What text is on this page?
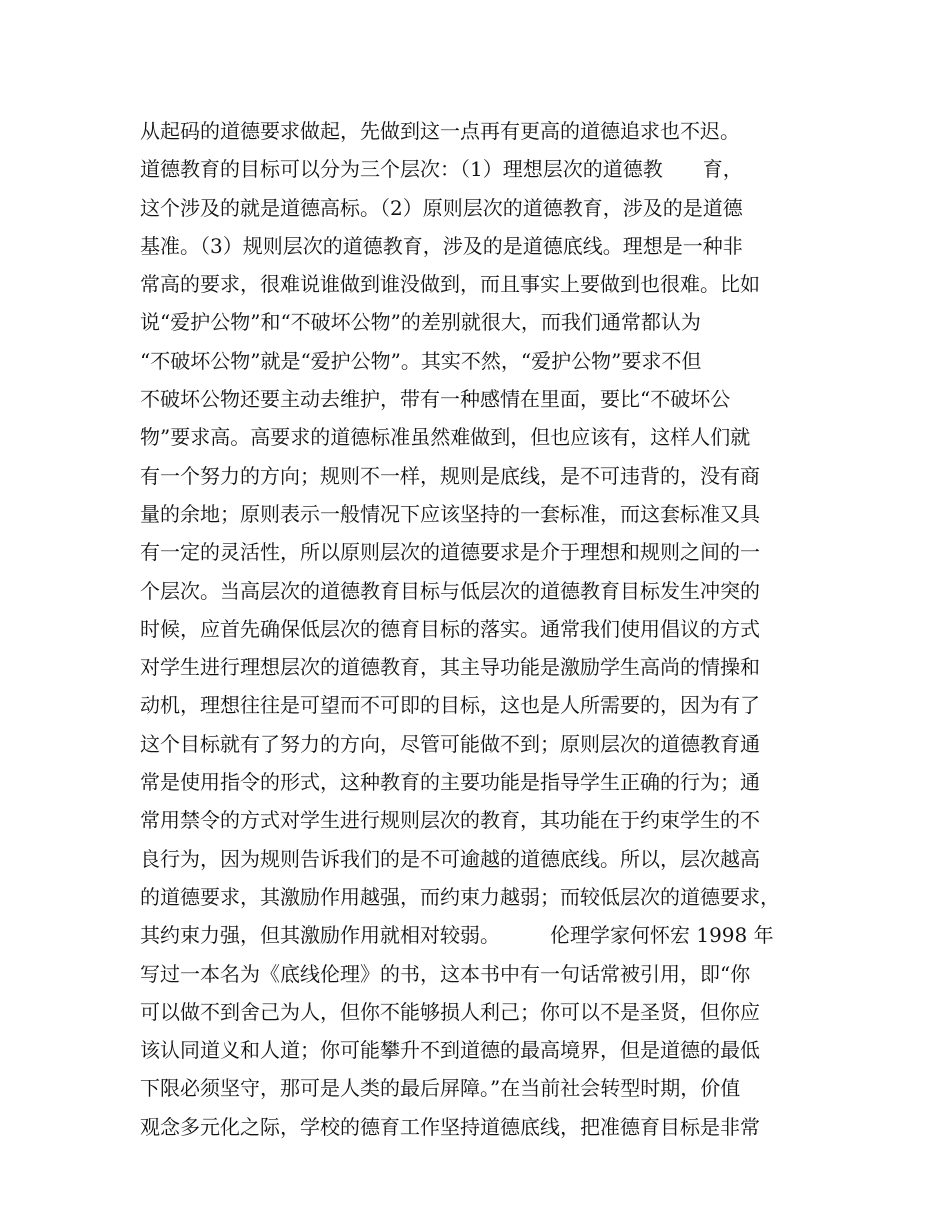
从起码的道德要求做起，先做到这一点再有更高的道德追求也不迟。
道德教育的目标可以分为三个层次：（1）理想层次的道德教　　育，
这个涉及的就是道德高标。（2）原则层次的道德教育，涉及的是道德
基准。（3）规则层次的道德教育，涉及的是道德底线。理想是一种非
常高的要求，很难说谁做到谁没做到，而且事实上要做到也很难。比如
说“爱护公物”和“不破坏公物”的差别就很大，而我们通常都认为
“不破坏公物”就是“爱护公物”。其实不然，“爱护公物”要求不但
不破坏公物还要主动去维护，带有一种感情在里面，要比“不破坏公
物”要求高。高要求的道德标准虽然难做到，但也应该有，这样人们就
有一个努力的方向；规则不一样，规则是底线，是不可违背的，没有商
量的余地；原则表示一般情况下应该坚持的一套标准，而这套标准又具
有一定的灵活性，所以原则层次的道德要求是介于理想和规则之间的一
个层次。当高层次的道德教育目标与低层次的道德教育目标发生冲突的
时候，应首先确保低层次的德育目标的落实。通常我们使用倡议的方式
对学生进行理想层次的道德教育，其主导功能是激励学生高尚的情操和
动机，理想往往是可望而不可即的目标，这也是人所需要的，因为有了
这个目标就有了努力的方向，尽管可能做不到；原则层次的道德教育通
常是使用指令的形式，这种教育的主要功能是指导学生正确的行为；通
常用禁令的方式对学生进行规则层次的教育，其功能在于约束学生的不
良行为，因为规则告诉我们的是不可逾越的道德底线。所以，层次越高
的道德要求，其激励作用越强，而约束力越弱；而较低层次的道德要求，
其约束力强，但其激励作用就相对较弱。　　　伦理学家何怀宏 1998 年
写过一本名为《底线伦理》的书，这本书中有一句话常被引用，即“你
可以做不到舍己为人，但你不能够损人利己；你可以不是圣贤，但你应
该认同道义和人道；你可能攀升不到道德的最高境界，但是道德的最低
下限必须坚守，那可是人类的最后屏障。”在当前社会转型时期，价值
观念多元化之际，学校的德育工作坚持道德底线，把准德育目标是非常
